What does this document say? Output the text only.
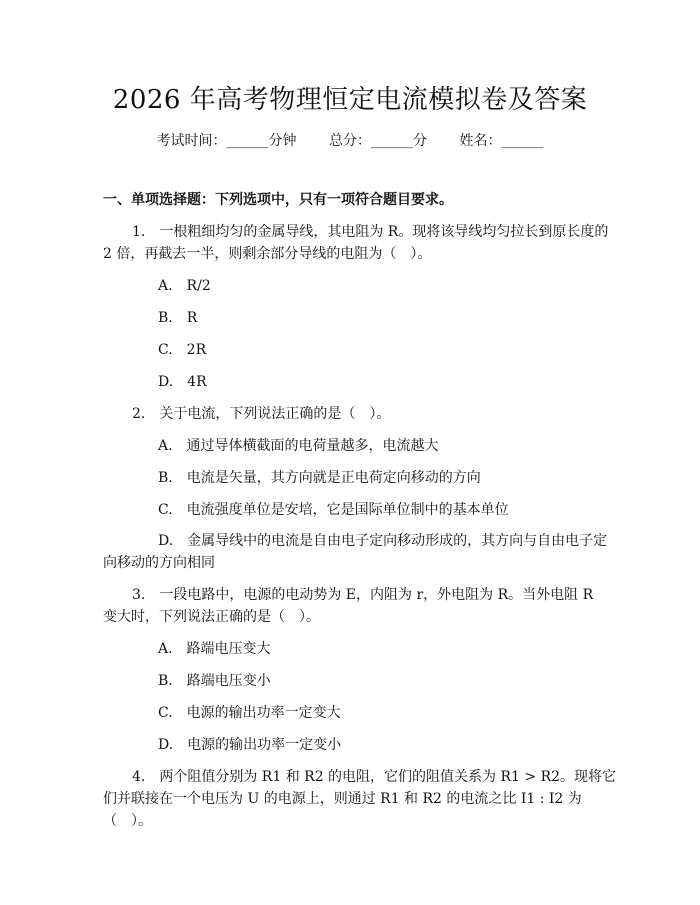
2026 年高考物理恒定电流模拟卷及答案
考试时间：______分钟 总分：______分 姓名：______
一、单项选择题：下列选项中，只有一项符合题目要求。
1.　一根粗细均匀的金属导线，其电阻为 R。现将该导线均匀拉长到原长度的
2 倍，再截去一半，则剩余部分导线的电阻为（　）。
A.　R/2
B.　R
C.　2R
D.　4R
2.　关于电流，下列说法正确的是（　）。
A.　通过导体横截面的电荷量越多，电流越大
B.　电流是矢量，其方向就是正电荷定向移动的方向
C.　电流强度单位是安培，它是国际单位制中的基本单位
D.　金属导线中的电流是自由电子定向移动形成的，其方向与自由电子定
向移动的方向相同
3.　一段电路中，电源的电动势为 E，内阻为 r，外电阻为 R。当外电阻 R
变大时，下列说法正确的是（　）。
A.　路端电压变大
B.　路端电压变小
C.　电源的输出功率一定变大
D.　电源的输出功率一定变小
4.　两个阻值分别为 R1 和 R2 的电阻，它们的阻值关系为 R1 > R2。现将它
们并联接在一个电压为 U 的电源上，则通过 R1 和 R2 的电流之比 I1 : I2 为
（　）。
